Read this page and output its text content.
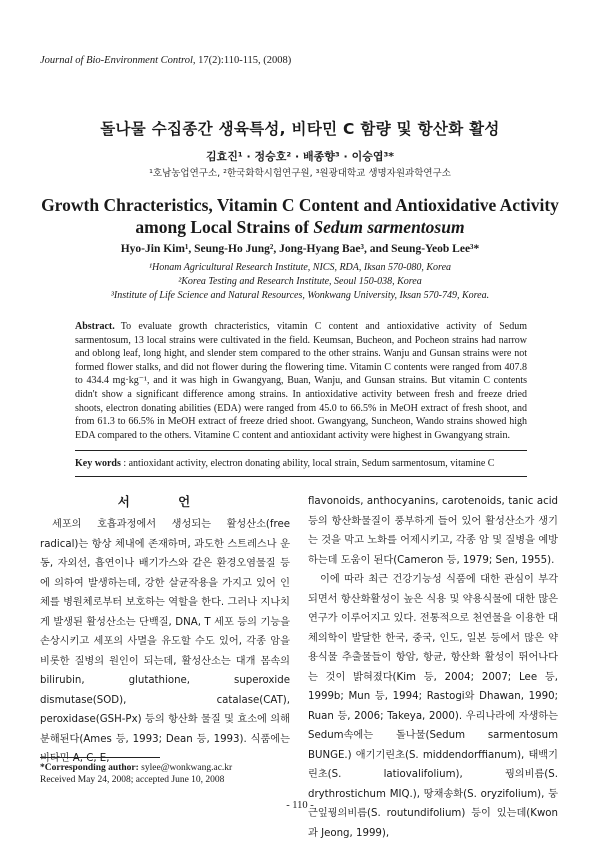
Journal of Bio-Environment Control, 17(2):110-115, (2008)
돌나물 수집종간 생육특성, 비타민 C 함량 및 항산화 활성
김효진¹ · 정승호² · 배종향³ · 이승엽³*
¹호남농업연구소, ²한국화학시험연구원, ³원광대학교 생명자원과학연구소
Growth Chracteristics, Vitamin C Content and Antioxidative Activity
among Local Strains of Sedum sarmentosum
Hyo-Jin Kim¹, Seung-Ho Jung², Jong-Hyang Bae³, and Seung-Yeob Lee³*
¹Honam Agricultural Research Institute, NICS, RDA, Iksan 570-080, Korea
²Korea Testing and Research Institute, Seoul 150-038, Korea
³Institute of Life Science and Natural Resources, Wonkwang University, Iksan 570-749, Korea.
Abstract. To evaluate growth chracteristics, vitamin C content and antioxidative activity of Sedum sarmentosum, 13 local strains were cultivated in the field. Keumsan, Bucheon, and Pocheon strains had narrow and oblong leaf, long hight, and slender stem compared to the other strains. Wanju and Gunsan strains were not formed flower stalks, and did not flower during the flowering time. Vitamin C contents were ranged from 407.8 to 434.4 mg·kg⁻¹, and it was high in Gwangyang, Buan, Wanju, and Gunsan strains. But vitamin C contents didn't show a significant difference among strains. In antioxidative activity between fresh and freeze dried shoots, electron donating abilities (EDA) were ranged from 45.0 to 66.5% in MeOH extract of fresh shoot, and from 61.3 to 66.5% in MeOH extract of freeze dried shoot. Gwangyang, Suncheon, Wando strains showed high EDA compared to the others. Vitamine C content and antioxidant activity were highest in Gwangyang strain.
Key words : antioxidant activity, electron donating ability, local strain, Sedum sarmentosum, vitamine C
서 언

세포의 호흡과정에서 생성되는 활성산소(free radical)는 항상 체내에 존재하며, 과도한 스트레스나 운동, 자외선, 흡연이나 배기가스와 같은 환경오염물질 등에 의하여 발생하는데, 강한 살균작용을 가지고 있어 인체를 병원체로부터 보호하는 역할을 한다. 그러나 지나치게 발생된 활성산소는 단백질, DNA, T 세포 등의 기능을 손상시키고 세포의 사멸을 유도할 수도 있어, 각종 암을 비롯한 질병의 원인이 되는데, 활성산소는 대개 몸속의 bilirubin, glutathione, superoxide dismutase(SOD), catalase(CAT), peroxidase(GSH-Px) 등의 항산화 물질 및 효소에 의해 분해된다(Ames 등, 1993; Dean 등, 1993). 식품에는 비타민 A, C, E,

flavonoids, anthocyanins, carotenoids, tanic acid 등의 항산화물질이 풍부하게 들어 있어 활성산소가 생기는 것을 막고 노화를 어제시키고, 각종 암 및 질병을 예방하는데 도움이 된다(Cameron 등, 1979; Sen, 1955).

이에 따라 최근 건강기능성 식품에 대한 관심이 부각되면서 항산화활성이 높은 식용 및 약용식물에 대한 많은 연구가 이루어지고 있다. 전통적으로 천연물을 이용한 대체의학이 발달한 한국, 중국, 인도, 일본 등에서 많은 약용식물 추출물들이 항암, 항균, 항산화 활성이 뛰어나다는 것이 밝혀졌다(Kim 등, 2004; 2007; Lee 등, 1999b; Mun 등, 1994; Rastogi와 Dhawan, 1990; Ruan 등, 2006; Takeya, 2000). 우리나라에 자생하는 Sedum속에는 돌나물(Sedum sarmentosum BUNGE.) 애기기린초(S. middendorffianum), 태백기린초(S. latiovalifolium), 꿩의비름(S. drythrostichum MIQ.), 땅채송화(S. oryzifolium), 둥근잎꿩의비름(S. routundifolium) 등이 있는데(Kwon과 Jeong, 1999),

*Corresponding author: sylee@wonkwang.ac.kr
Received May 24, 2008; accepted June 10, 2008
- 110 -
